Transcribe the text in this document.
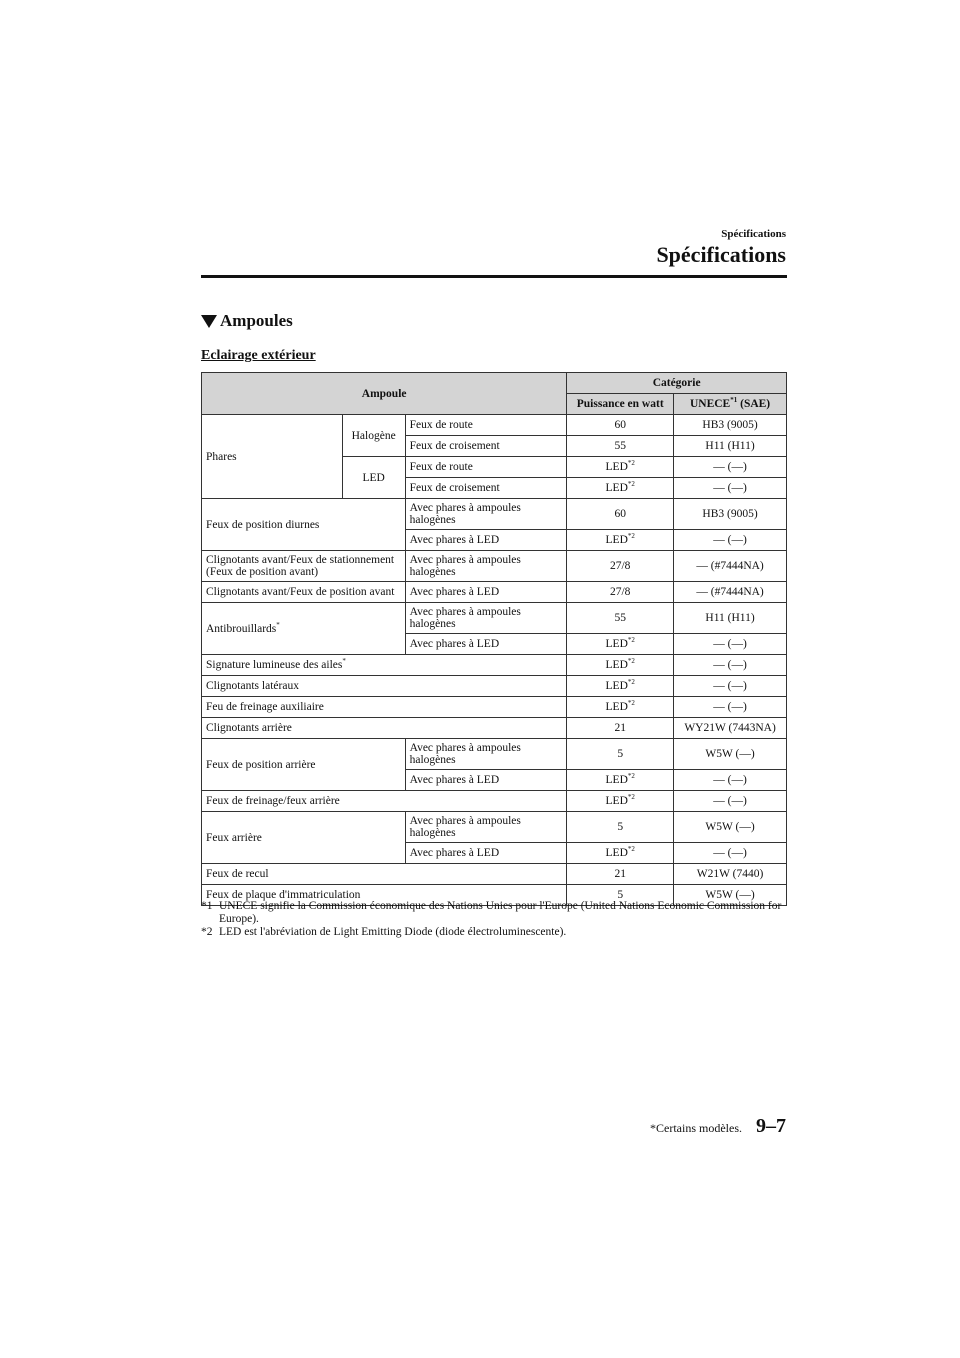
Spécifications
Spécifications
Ampoules
Eclairage extérieur
Ampoule			Catégorie	
			Puissance en watt	UNECE$^{*1}$ (SAE)
Phares	Halogène	Feux de route	60	HB3 (9005)
		Feux de croisement	55	H11 (H11)
	LED	Feux de route	LED$^{*2}$	— (—)
		Feux de croisement	LED$^{*2}$	— (—)
Feux de position diurnes		Avec phares à ampoules halogènes	60	HB3 (9005)
		Avec phares à LED	LED$^{*2}$	— (—)
Clignotants avant/Feux de stationnement (Feux de position avant)		Avec phares à ampoules halogènes	27/8	— (#7444NA)
Clignotants avant/Feux de position avant		Avec phares à LED	27/8	— (#7444NA)
Antibrouillards*		Avec phares à ampoules halogènes	55	H11 (H11)
		Avec phares à LED	LED$^{*2}$	— (—)
Signature lumineuse des ailes*			LED$^{*2}$	— (—)
Clignotants latéraux			LED$^{*2}$	— (—)
Feu de freinage auxiliaire			LED$^{*2}$	— (—)
Clignotants arrière			21	WY21W (7443NA)
Feux de position arrière		Avec phares à ampoules halogènes	5	W5W (—)
		Avec phares à LED	LED$^{*2}$	— (—)
Feux de freinage/feux arrière			LED$^{*2}$	— (—)
Feux arrière		Avec phares à ampoules halogènes	5	W5W (—)
		Avec phares à LED	LED$^{*2}$	— (—)
Feux de recul			21	W21W (7440)
Feux de plaque d'immatriculation			5	W5W (—)
*1 UNECE signifie la Commission économique des Nations Unies pour l'Europe (United Nations Economic Commission for Europe).
*2 LED est l'abréviation de Light Emitting Diode (diode électroluminescente).
*Certains modèles. 9–7
